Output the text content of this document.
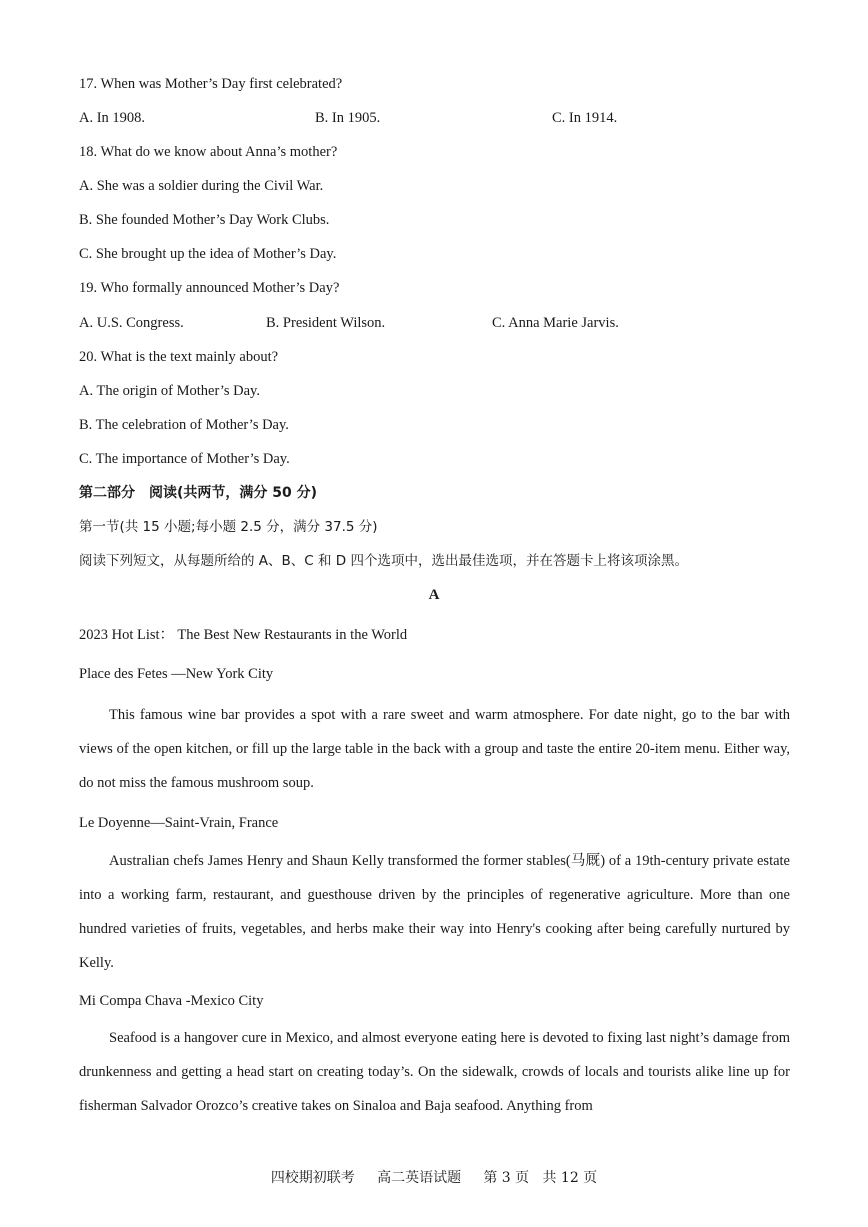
17. When was Mother’s Day first celebrated?
A. In 1908.	B. In 1905.	C. In 1914.
18. What do we know about Anna’s mother?
A. She was a soldier during the Civil War.
B. She founded Mother’s Day Work Clubs.
C. She brought up the idea of Mother’s Day.
19. Who formally announced Mother’s Day?
A. U.S. Congress.	B. President Wilson.	C. Anna Marie Jarvis.
20. What is the text mainly about?
A. The origin of Mother’s Day.
B. The celebration of Mother’s Day.
C. The importance of Mother’s Day.
第二部分　阅读(共两节，满分 50 分)
第一节(共 15 小题;每小题 2.5 分，满分 37.5 分)
阅读下列短文，从每题所给的 A、B、C 和 D 四个选项中，选出最佳选项，并在答题卡上将该项涂黑。
A
2023 Hot List： The Best New Restaurants in the World
Place des Fetes —New York City

This famous wine bar provides a spot with a rare sweet and warm atmosphere. For date night, go to the bar with views of the open kitchen, or fill up the large table in the back with a group and taste the entire 20-item menu. Either way, do not miss the famous mushroom soup.

Le Doyenne—Saint-Vrain, France

Australian chefs James Henry and Shaun Kelly transformed the former stables(马厩) of a 19th-century private estate into a working farm, restaurant, and guesthouse driven by the principles of regenerative agriculture. More than one hundred varieties of fruits, vegetables, and herbs make their way into Henry's cooking after being carefully nurtured by Kelly.

Mi Compa Chava -Mexico City

Seafood is a hangover cure in Mexico, and almost everyone eating here is devoted to fixing last night’s damage from drunkenness and getting a head start on creating today’s. On the sidewalk, crowds of locals and tourists alike line up for fisherman Salvador Orozco’s creative takes on Sinaloa and Baja seafood. Anything from

四校期初联考     高二英语试题     第 3 页   共 12 页
